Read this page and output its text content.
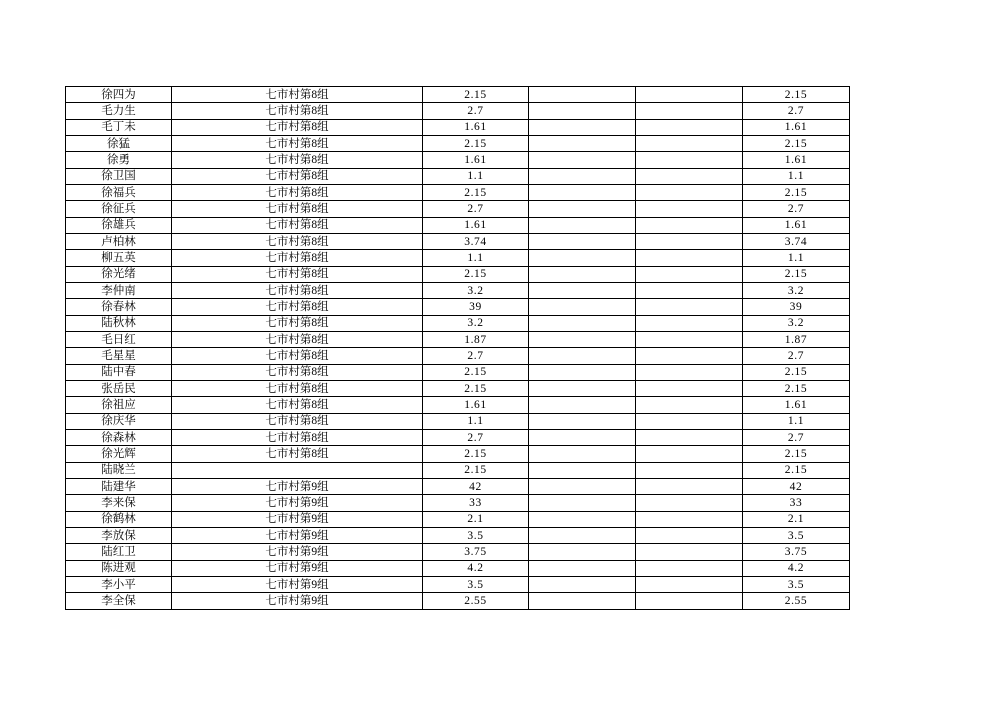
徐四为	七市村第8组	2.15			2.15
毛力生	七市村第8组	2.7			2.7
毛丁未	七市村第8组	1.61			1.61
徐猛	七市村第8组	2.15			2.15
徐勇	七市村第8组	1.61			1.61
徐卫国	七市村第8组	1.1			1.1
徐福兵	七市村第8组	2.15			2.15
徐征兵	七市村第8组	2.7			2.7
徐雄兵	七市村第8组	1.61			1.61
卢柏林	七市村第8组	3.74			3.74
柳五英	七市村第8组	1.1			1.1
徐光绪	七市村第8组	2.15			2.15
李仲南	七市村第8组	3.2			3.2
徐春林	七市村第8组	39			39
陆秋林	七市村第8组	3.2			3.2
毛日红	七市村第8组	1.87			1.87
毛星星	七市村第8组	2.7			2.7
陆中春	七市村第8组	2.15			2.15
张岳民	七市村第8组	2.15			2.15
徐祖应	七市村第8组	1.61			1.61
徐庆华	七市村第8组	1.1			1.1
徐森林	七市村第8组	2.7			2.7
徐光辉	七市村第8组	2.15			2.15
陆晓兰		2.15			2.15
陆建华	七市村第9组	42			42
李来保	七市村第9组	33			33
徐鹤林	七市村第9组	2.1			2.1
李放保	七市村第9组	3.5			3.5
陆红卫	七市村第9组	3.75			3.75
陈进观	七市村第9组	4.2			4.2
李小平	七市村第9组	3.5			3.5
李全保	七市村第9组	2.55			2.55
